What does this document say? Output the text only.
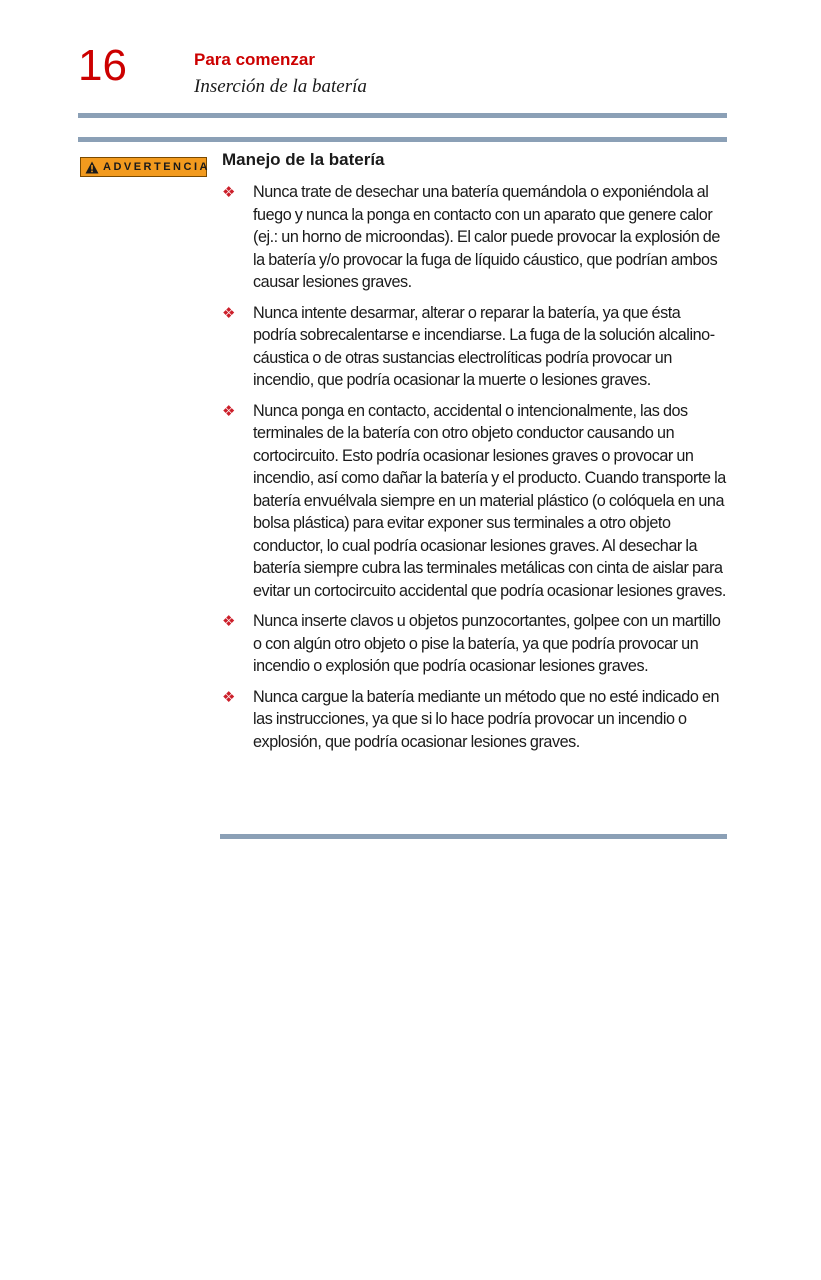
16	Para comenzar
Inserción de la batería
ADVERTENCIA Manejo de la batería
❖	Nunca trate de desechar una batería quemándola o exponiéndola al fuego y nunca la ponga en contacto con un aparato que genere calor (ej.: un horno de microondas). El calor puede provocar la explosión de la batería y/o provocar la fuga de líquido cáustico, que podrían ambos causar lesiones graves.
❖	Nunca intente desarmar, alterar o reparar la batería, ya que ésta podría sobrecalentarse e incendiarse. La fuga de la solución alcalino-cáustica o de otras sustancias electrolíticas podría provocar un incendio, que podría ocasionar la muerte o lesiones graves.
❖	Nunca ponga en contacto, accidental o intencionalmente, las dos terminales de la batería con otro objeto conductor causando un cortocircuito. Esto podría ocasionar lesiones graves o provocar un incendio, así como dañar la batería y el producto. Cuando transporte la batería envuélvala siempre en un material plástico (o colóquela en una bolsa plástica) para evitar exponer sus terminales a otro objeto conductor, lo cual podría ocasionar lesiones graves. Al desechar la batería siempre cubra las terminales metálicas con cinta de aislar para evitar un cortocircuito accidental que podría ocasionar lesiones graves.
❖	Nunca inserte clavos u objetos punzocortantes, golpee con un martillo o con algún otro objeto o pise la batería, ya que podría provocar un incendio o explosión que podría ocasionar lesiones graves.
❖	Nunca cargue la batería mediante un método que no esté indicado en las instrucciones, ya que si lo hace podría provocar un incendio o explosión, que podría ocasionar lesiones graves.
